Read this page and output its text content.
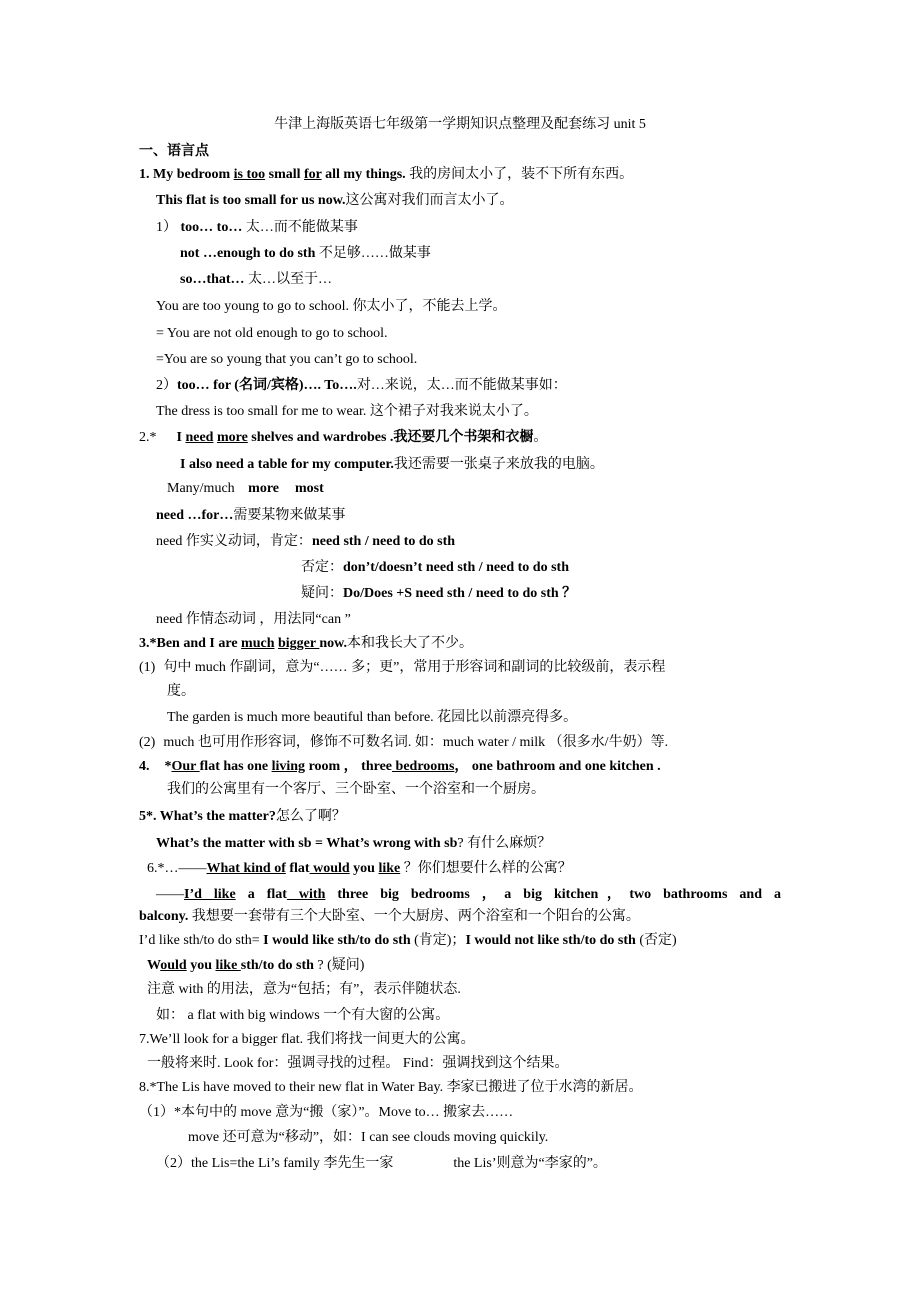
牛津上海版英语七年级第一学期知识点整理及配套练习 unit 5
一、语言点
1. My bedroom is too small for all my things. 我的房间太小了，装不下所有东西。
This flat is too small for us now.这公寓对我们而言太小了。
1） too… to… 太…而不能做某事
not …enough to do sth 不足够……做某事
so…that… 太…以至于…
You are too young to go to school. 你太小了，不能去上学。
= You are not old enough to go to school.
=You are so young that you can’t go to school.
2）too… for (名词/宾格)…. To….对…来说，太…而不能做某事如：
The dress is too small for me to wear. 这个裙子对我来说太小了。
2.* I need more shelves and wardrobes .我还要几个书架和衣橱。
I also need a table for my computer.我还需要一张桌子来放我的电脑。
Many/much more most
need …for…需要某物来做某事
need 作实义动词，肯定：need sth / need to do sth
否定：don’t/doesn’t need sth / need to do sth
疑问：Do/Does +S need sth / need to do sth ？
need 作情态动词 ，用法同“can ”
3.*Ben and I are much bigger now.本和我长大了不少。
(1) 句中 much 作副词，意为“…… 多；更”，常用于形容词和副词的比较级前，表示程
度。
The garden is much more beautiful than before. 花园比以前漂亮得多。
(2) much 也可用作形容词，修饰不可数名词. 如：much water / milk （很多水/牛奶）等.
4. *Our flat has one living room ， three bedrooms， one bathroom and one kitchen .
我们的公寓里有一个客厅、三个卧室、一个浴室和一个厨房。
5*. What’s the matter?怎么了啊？
What’s the matter with sb = What’s wrong with sb? 有什么麻烦？
6.*…——What kind of flat would you like ？你们想要什么样的公寓？
——I’d like a flat with three big bedrooms ，a big kitchen，two bathrooms and a
balcony. 我想要一套带有三个大卧室、一个大厨房、两个浴室和一个阳台的公寓。
I’d like sth/to do sth= I would like sth/to do sth (肯定)；I would not like sth/to do sth (否定)
Would you like sth/to do sth ? (疑问)
注意 with 的用法，意为“包括；有”，表示伴随状态.
如： a flat with big windows 一个有大窗的公寓。
7.We’ll look for a bigger flat. 我们将找一间更大的公寓。
一般将来时. Look for：强调寻找的过程。 Find：强调找到这个结果。
8.*The Lis have moved to their new flat in Water Bay. 李家已搬进了位于水湾的新居。
（1）*本句中的 move 意为“搬（家）”。Move to… 搬家去……
move 还可意为“移动”，如：I can see clouds moving quickily.
（2）the Lis=the Li’s family 李先生一家	the Lis’则意为“李家的”。
